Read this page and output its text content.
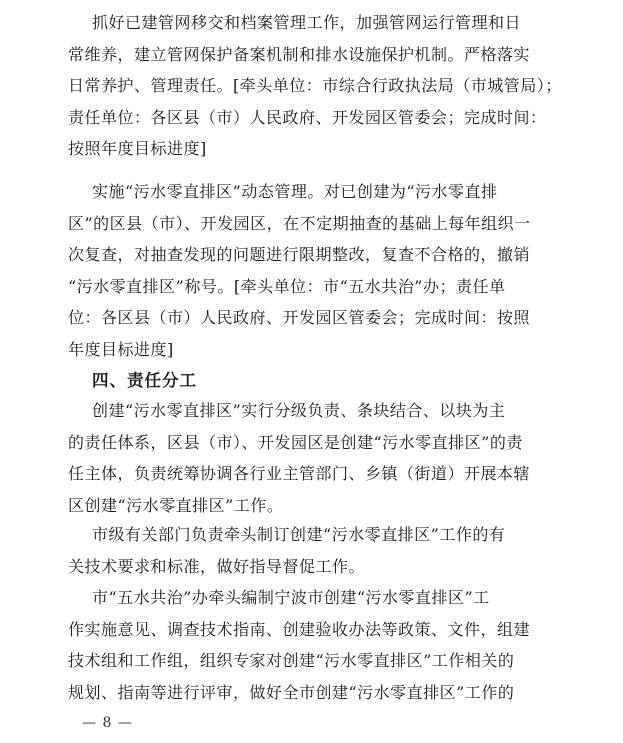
抓好已建管网移交和档案管理工作，加强管网运行管理和日
常维养，建立管网保护备案机制和排水设施保护机制。严格落实
日常养护、管理责任。[牵头单位：市综合行政执法局（市城管局）；
责任单位：各区县（市）人民政府、开发园区管委会；完成时间：
按照年度目标进度]
实施“污水零直排区”动态管理。对已创建为“污水零直排
区”的区县（市）、开发园区，在不定期抽查的基础上每年组织一
次复查，对抽查发现的问题进行限期整改，复查不合格的，撤销
“污水零直排区”称号。[牵头单位：市“五水共治”办；责任单
位：各区县（市）人民政府、开发园区管委会；完成时间：按照
年度目标进度]
四、责任分工
创建“污水零直排区”实行分级负责、条块结合、以块为主
的责任体系，区县（市）、开发园区是创建“污水零直排区”的责
任主体，负责统筹协调各行业主管部门、乡镇（街道）开展本辖
区创建“污水零直排区”工作。
市级有关部门负责牵头制订创建“污水零直排区”工作的有
关技术要求和标准，做好指导督促工作。
市“五水共治”办牵头编制宁波市创建“污水零直排区”工
作实施意见、调查技术指南、创建验收办法等政策、文件，组建
技术组和工作组，组织专家对创建“污水零直排区”工作相关的
规划、指南等进行评审，做好全市创建“污水零直排区”工作的
— 8 —
